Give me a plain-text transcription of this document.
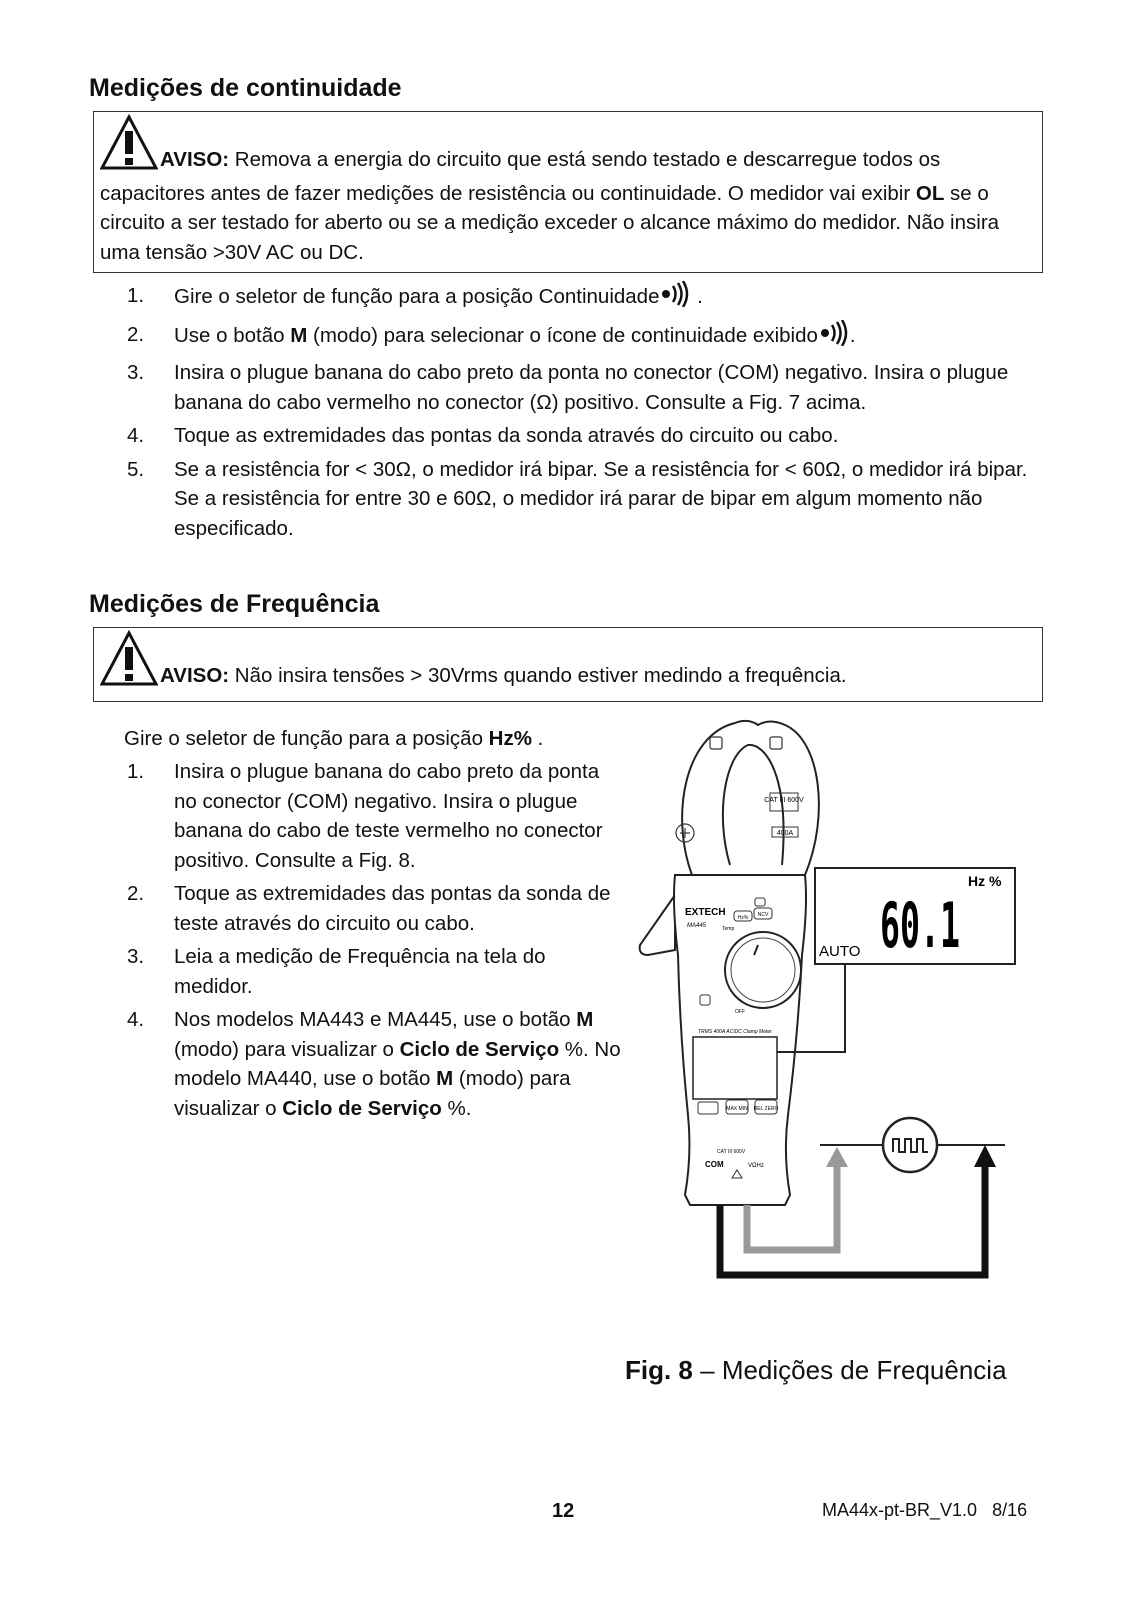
Medições de continuidade
AVISO: Remova a energia do circuito que está sendo testado e descarregue todos os capacitores antes de fazer medições de resistência ou continuidade. O medidor vai exibir OL se o circuito a ser testado for aberto ou se a medição exceder o alcance máximo do medidor. Não insira uma tensão >30V AC ou DC.
1. Gire o seletor de função para a posição Continuidade .
2. Use o botão M (modo) para selecionar o ícone de continuidade exibido .
3. Insira o plugue banana do cabo preto da ponta no conector (COM) negativo. Insira o plugue banana do cabo vermelho no conector (Ω) positivo. Consulte a Fig. 7 acima.
4. Toque as extremidades das pontas da sonda através do circuito ou cabo.
5. Se a resistência for < 30Ω, o medidor irá bipar. Se a resistência for < 60Ω, o medidor irá bipar. Se a resistência for entre 30 e 60Ω, o medidor irá parar de bipar em algum momento não especificado.
Medições de Frequência
AVISO: Não insira tensões > 30Vrms quando estiver medindo a frequência.
Gire o seletor de função para a posição Hz% .
1. Insira o plugue banana do cabo preto da ponta no conector (COM) negativo. Insira o plugue banana do cabo de teste vermelho no conector positivo. Consulte a Fig. 8.
2. Toque as extremidades das pontas da sonda de teste através do circuito ou cabo.
3. Leia a medição de Frequência na tela do medidor.
4. Nos modelos MA443 e MA445, use o botão M (modo) para visualizar o Ciclo de Serviço %. No modelo MA440, use o botão M (modo) para visualizar o Ciclo de Serviço %.
CAT III 600V
400A
EXTECH
MA445
Hz% NCV
Temp
OFF
TRMS 400A AC/DC Clamp Meter
MAX MIN REL ZERO
CAT III 600V
COM	VΩHz
Hz %
60.1
AUTO
Fig. 8 – Medições de Frequência
12	MA44x-pt-BR_V1.0   8/16
